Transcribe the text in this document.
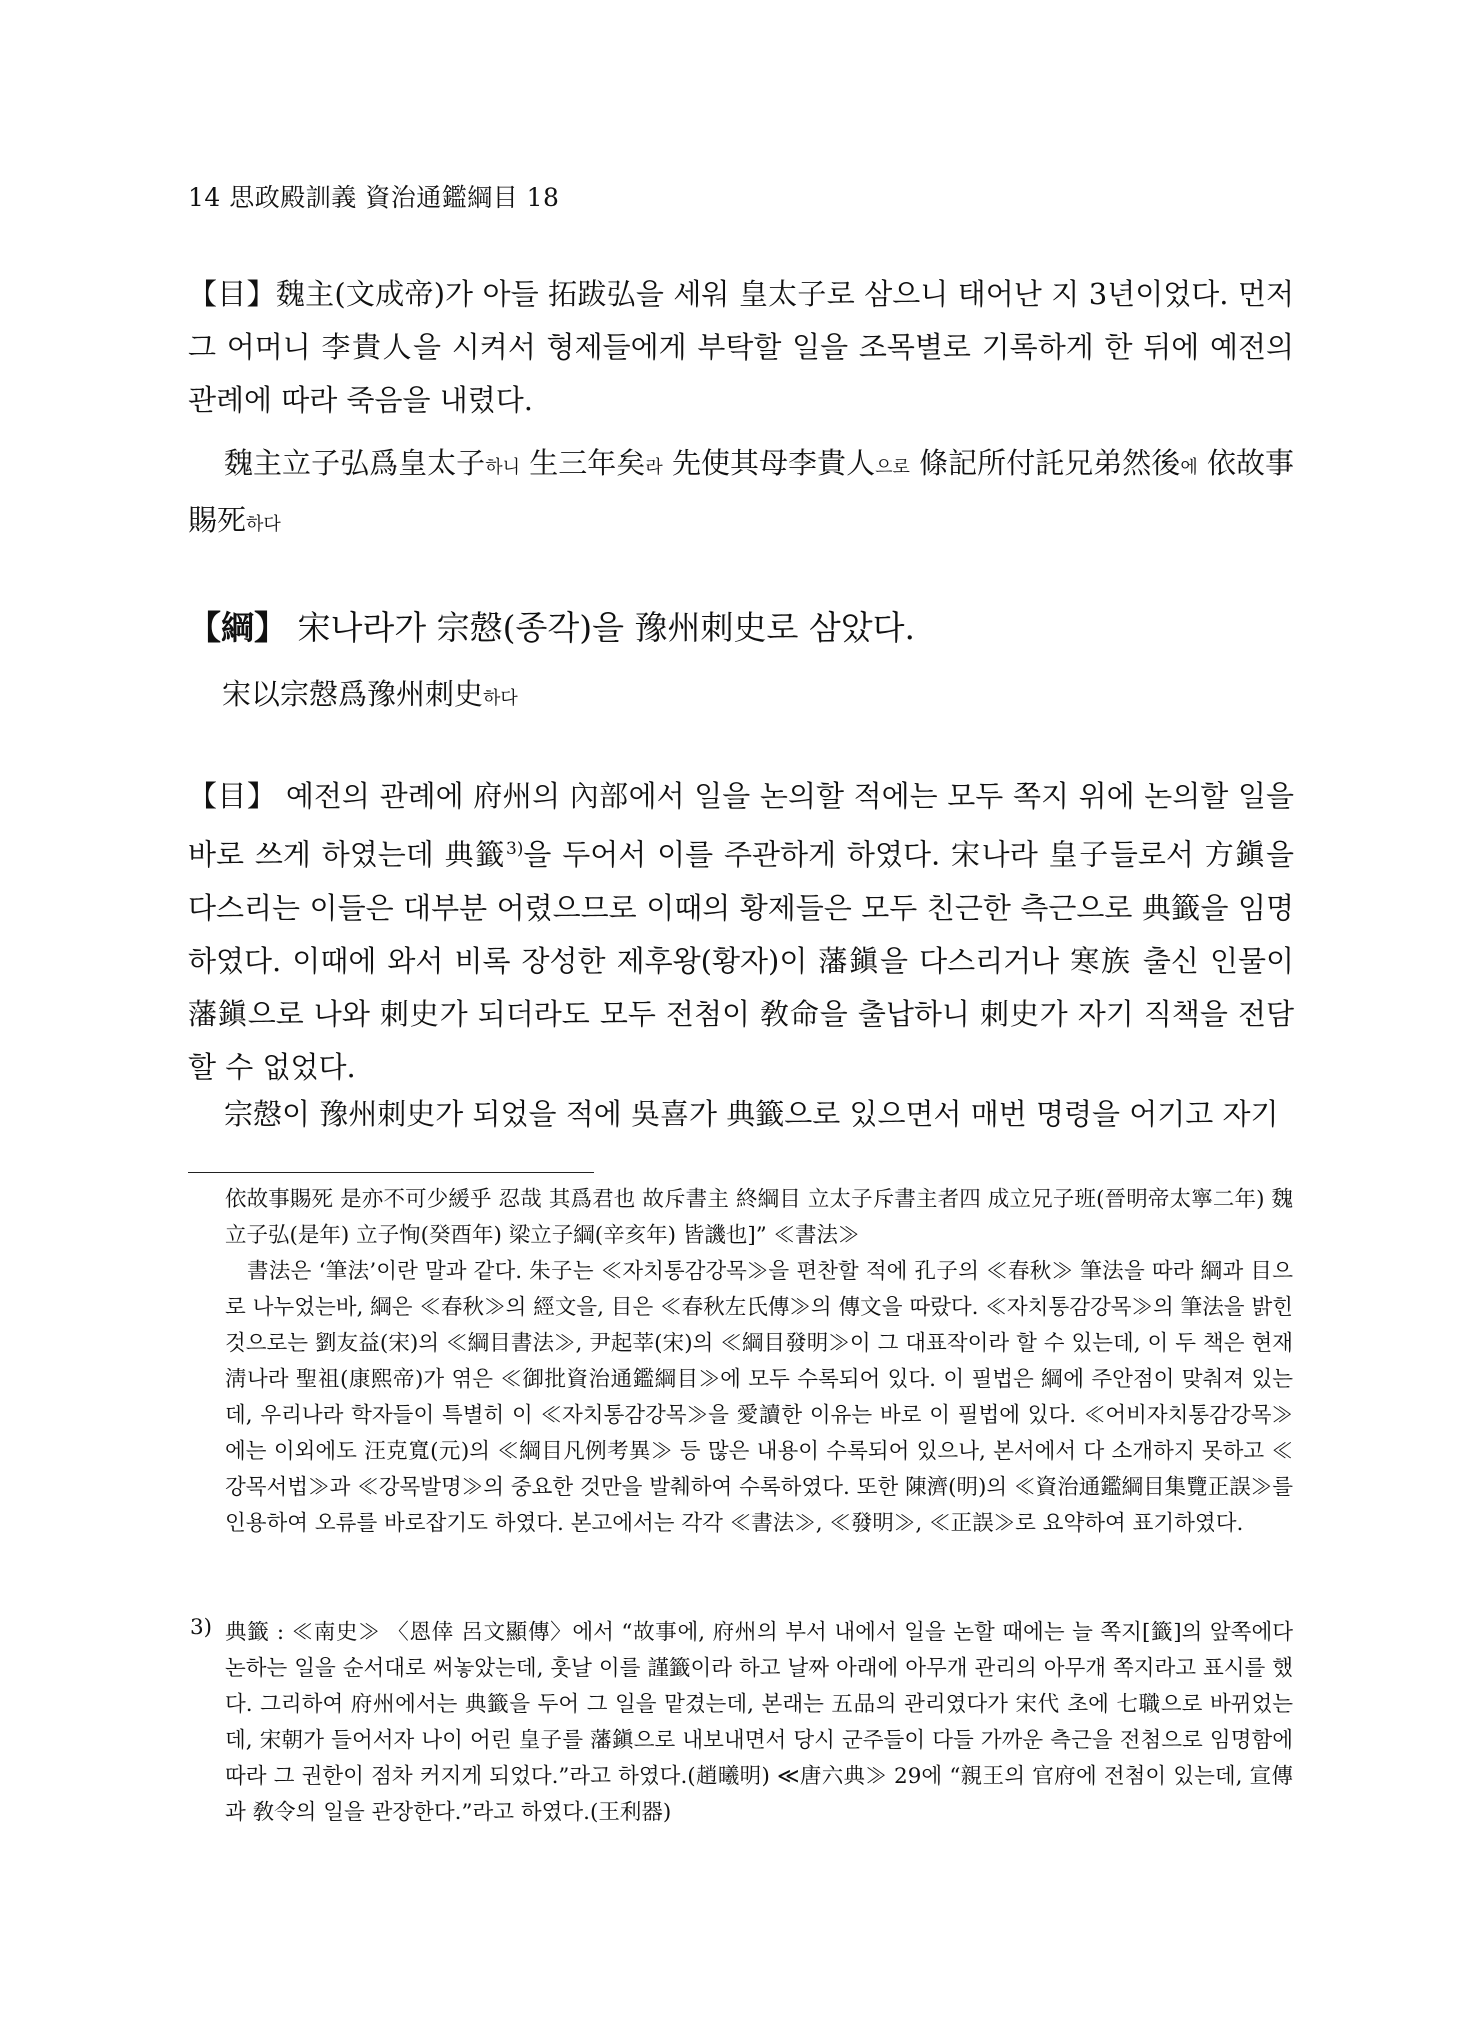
14 思政殿訓義 資治通鑑綱目 18

【目】魏主(文成帝)가 아들 拓跋弘을 세워 皇太子로 삼으니 태어난 지 3년이었다. 먼저 그 어머니 李貴人을 시켜서 형제들에게 부탁할 일을 조목별로 기록하게 한 뒤에 예전의 관례에 따라 죽음을 내렸다.

魏主立子弘爲皇太子하니 生三年矣라 先使其母李貴人으로 條記所付託兄弟然後에 依故事賜死하다

【綱】 宋나라가 宗慤(종각)을 豫州刺史로 삼았다.

宋以宗慤爲豫州刺史하다

【目】 예전의 관례에 府州의 內部에서 일을 논의할 적에는 모두 쪽지 위에 논의할 일을 바로 쓰게 하였는데 典籤$^{3)}$을 두어서 이를 주관하게 하였다. 宋나라 皇子들로서 方鎭을 다스리는 이들은 대부분 어렸으므로 이때의 황제들은 모두 친근한 측근으로 典籤을 임명하였다. 이때에 와서 비록 장성한 제후왕(황자)이 藩鎭을 다스리거나 寒族 출신 인물이 藩鎭으로 나와 刺史가 되더라도 모두 전첨이 敎命을 출납하니 刺史가 자기 직책을 전담할 수 없었다.

宗慤이 豫州刺史가 되었을 적에 吳喜가 典籤으로 있으면서 매번 명령을 어기고 자기

依故事賜死 是亦不可少緩乎 忍哉 其爲君也 故斥書主 終綱目 立太子斥書主者四 成立兄子班(晉明帝太寧二年) 魏立子弘(是年) 立子恂(癸酉年) 梁立子綱(辛亥年) 皆譏也]” ≪書法≫

書法은 ‘筆法’이란 말과 같다. 朱子는 ≪자치통감강목≫을 편찬할 적에 孔子의 ≪春秋≫ 筆法을 따라 綱과 目으로 나누었는바, 綱은 ≪春秋≫의 經文을, 目은 ≪春秋左氏傳≫의 傳文을 따랐다. ≪자치통감강목≫의 筆法을 밝힌 것으로는 劉友益(宋)의 ≪綱目書法≫, 尹起莘(宋)의 ≪綱目發明≫이 그 대표작이라 할 수 있는데, 이 두 책은 현재 淸나라 聖祖(康熙帝)가 엮은 ≪御批資治通鑑綱目≫에 모두 수록되어 있다. 이 필법은 綱에 주안점이 맞춰져 있는데, 우리나라 학자들이 특별히 이 ≪자치통감강목≫을 愛讀한 이유는 바로 이 필법에 있다. ≪어비자치통감강목≫에는 이외에도 汪克寬(元)의 ≪綱目凡例考異≫ 등 많은 내용이 수록되어 있으나, 본서에서 다 소개하지 못하고 ≪강목서법≫과 ≪강목발명≫의 중요한 것만을 발췌하여 수록하였다. 또한 陳濟(明)의 ≪資治通鑑綱目集覽正誤≫를 인용하여 오류를 바로잡기도 하였다. 본고에서는 각각 ≪書法≫, ≪發明≫, ≪正誤≫로 요약하여 표기하였다.

3) 典籤 : ≪南史≫ 〈恩倖 呂文顯傳〉에서 “故事에, 府州의 부서 내에서 일을 논할 때에는 늘 쪽지[籤]의 앞쪽에다 논하는 일을 순서대로 써놓았는데, 훗날 이를 謹籤이라 하고 날짜 아래에 아무개 관리의 아무개 쪽지라고 표시를 했다. 그리하여 府州에서는 典籤을 두어 그 일을 맡겼는데, 본래는 五品의 관리였다가 宋代 초에 七職으로 바뀌었는데, 宋朝가 들어서자 나이 어린 皇子를 藩鎭으로 내보내면서 당시 군주들이 다들 가까운 측근을 전첨으로 임명함에 따라 그 권한이 점차 커지게 되었다.”라고 하였다.(趙曦明) ≪唐六典≫ 29에 “親王의 官府에 전첨이 있는데, 宣傳과 敎令의 일을 관장한다.”라고 하였다.(王利器)
